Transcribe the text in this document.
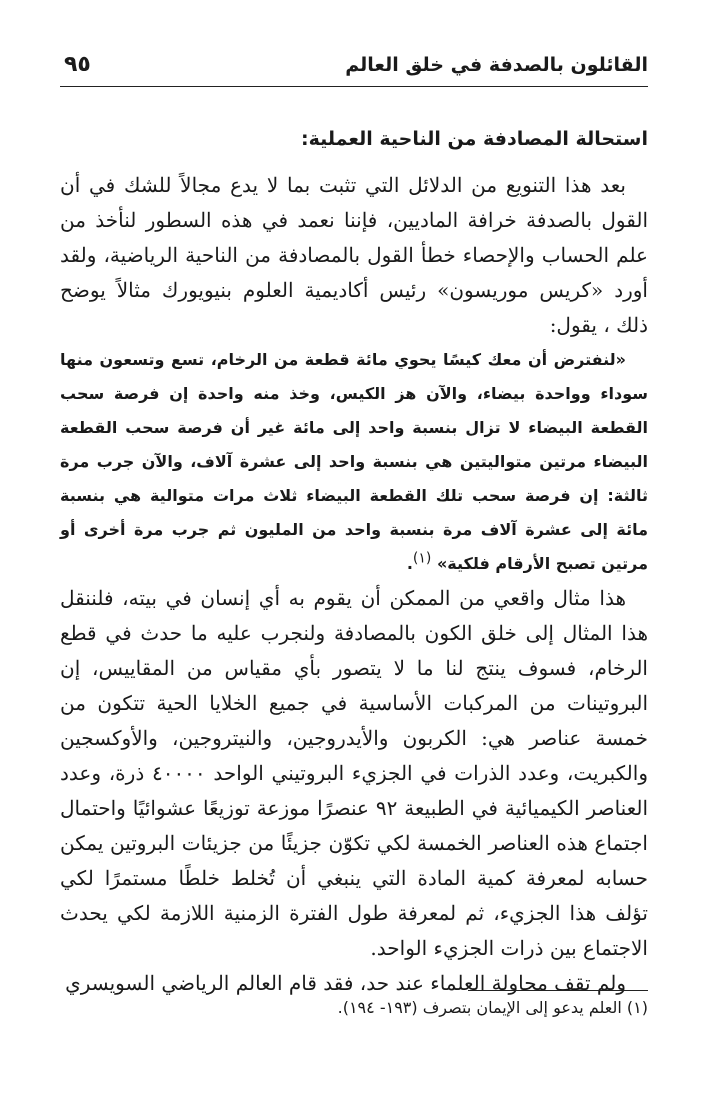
القائلون بالصدفة في خلق العالم
٩٥
استحالة المصادفة من الناحية العملية:

بعد هذا التنويع من الدلائل التي تثبت بما لا يدع مجالاً للشك في أن القول بالصدفة خرافة الماديين، فإننا نعمد في هذه السطور لنأخذ من علم الحساب والإحصاء خطأ القول بالمصادفة من الناحية الرياضية، ولقد أورد «كريس موريسون» رئيس أكاديمية العلوم بنيويورك مثالاً يوضح ذلك ، يقول:

«لنفترض أن معك كيسًا يحوي مائة قطعة من الرخام، تسع وتسعون منها سوداء وواحدة بيضاء، والآن هز الكيس، وخذ منه واحدة إن فرصة سحب القطعة البيضاء لا تزال بنسبة واحد إلى مائة غير أن فرصة سحب القطعة البيضاء مرتين متواليتين هي بنسبة واحد إلى عشرة آلاف، والآن جرب مرة ثالثة: إن فرصة سحب تلك القطعة البيضاء ثلاث مرات متوالية هي بنسبة مائة إلى عشرة آلاف مرة بنسبة واحد من المليون ثم جرب مرة أخرى أو مرتين تصبح الأرقام فلكية» (١).

هذا مثال واقعي من الممكن أن يقوم به أي إنسان في بيته، فلننقل هذا المثال إلى خلق الكون بالمصادفة ولنجرب عليه ما حدث في قطع الرخام، فسوف ينتج لنا ما لا يتصور بأي مقياس من المقاييس، إن البروتينات من المركبات الأساسية في جميع الخلايا الحية تتكون من خمسة عناصر هي: الكربون والأيدروجين، والنيتروجين، والأوكسجين والكبريت، وعدد الذرات في الجزيء البروتيني الواحد ٤٠٠٠٠ ذرة، وعدد العناصر الكيميائية في الطبيعة ٩٢ عنصرًا موزعة توزيعًا عشوائيًا واحتمال اجتماع هذه العناصر الخمسة لكي تكوّن جزيئًا من جزيئات البروتين يمكن حسابه لمعرفة كمية المادة التي ينبغي أن تُخلط خلطًا مستمرًا لكي تؤلف هذا الجزيء، ثم لمعرفة طول الفترة الزمنية اللازمة لكي يحدث الاجتماع بين ذرات الجزيء الواحد.

ولم تقف محاولة العلماء عند حد، فقد قام العالم الرياضي السويسري

(١) العلم يدعو إلى الإيمان بتصرف (١٩٣- ١٩٤).
